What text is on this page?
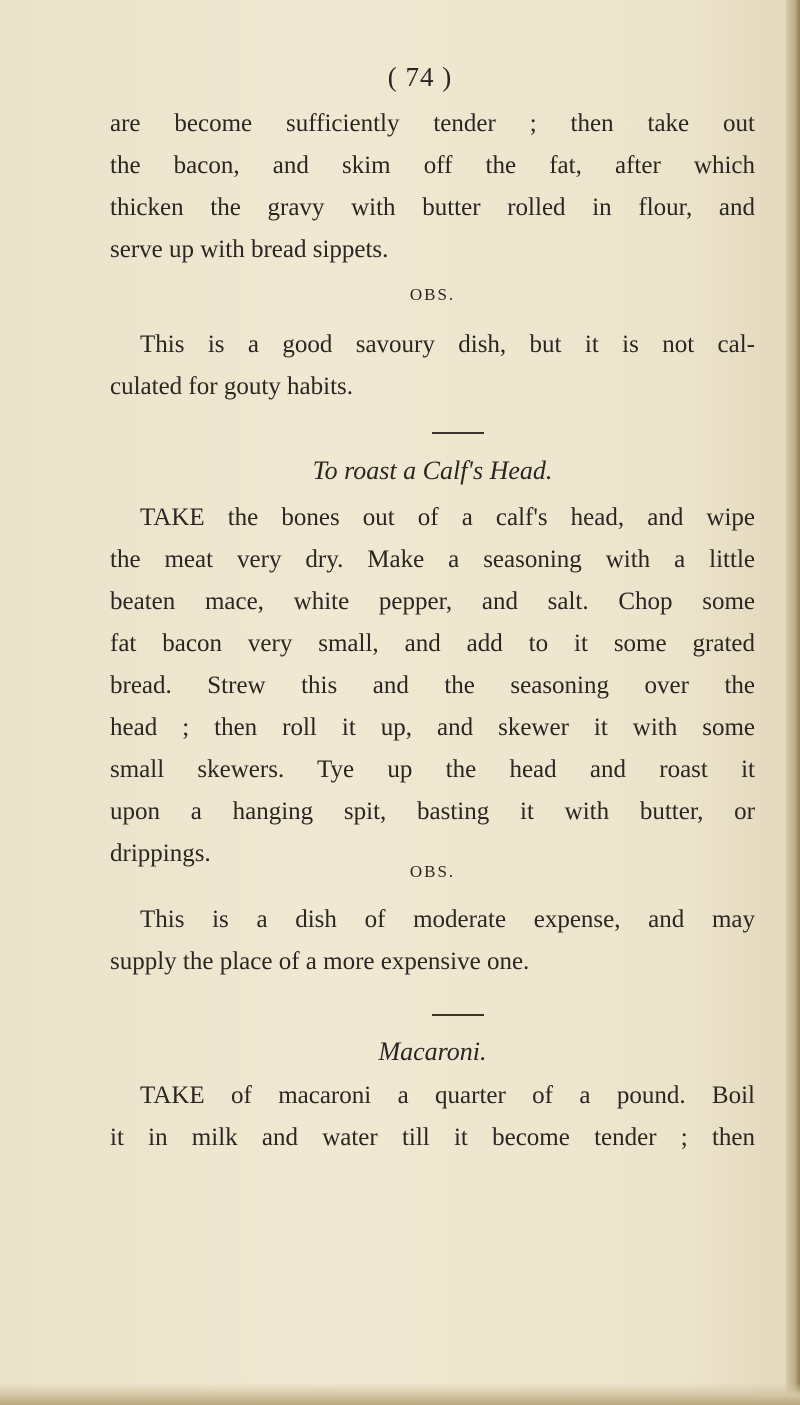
( 74 )
are become sufficiently tender ; then take out
the bacon, and skim off the fat, after which
thicken the gravy with butter rolled in flour, and
serve up with bread sippets.
OBS.
This is a good savoury dish, but it is not cal-
culated for gouty habits.
To roast a Calf's Head.
TAKE the bones out of a calf's head, and wipe
the meat very dry. Make a seasoning with a little
beaten mace, white pepper, and salt. Chop some
fat bacon very small, and add to it some grated
bread. Strew this and the seasoning over the
head ; then roll it up, and skewer it with some
small skewers. Tye up the head and roast it
upon a hanging spit, basting it with butter, or
drippings.
OBS.
This is a dish of moderate expense, and may
supply the place of a more expensive one.
Macaroni.
TAKE of macaroni a quarter of a pound. Boil
it in milk and water till it become tender ; then
